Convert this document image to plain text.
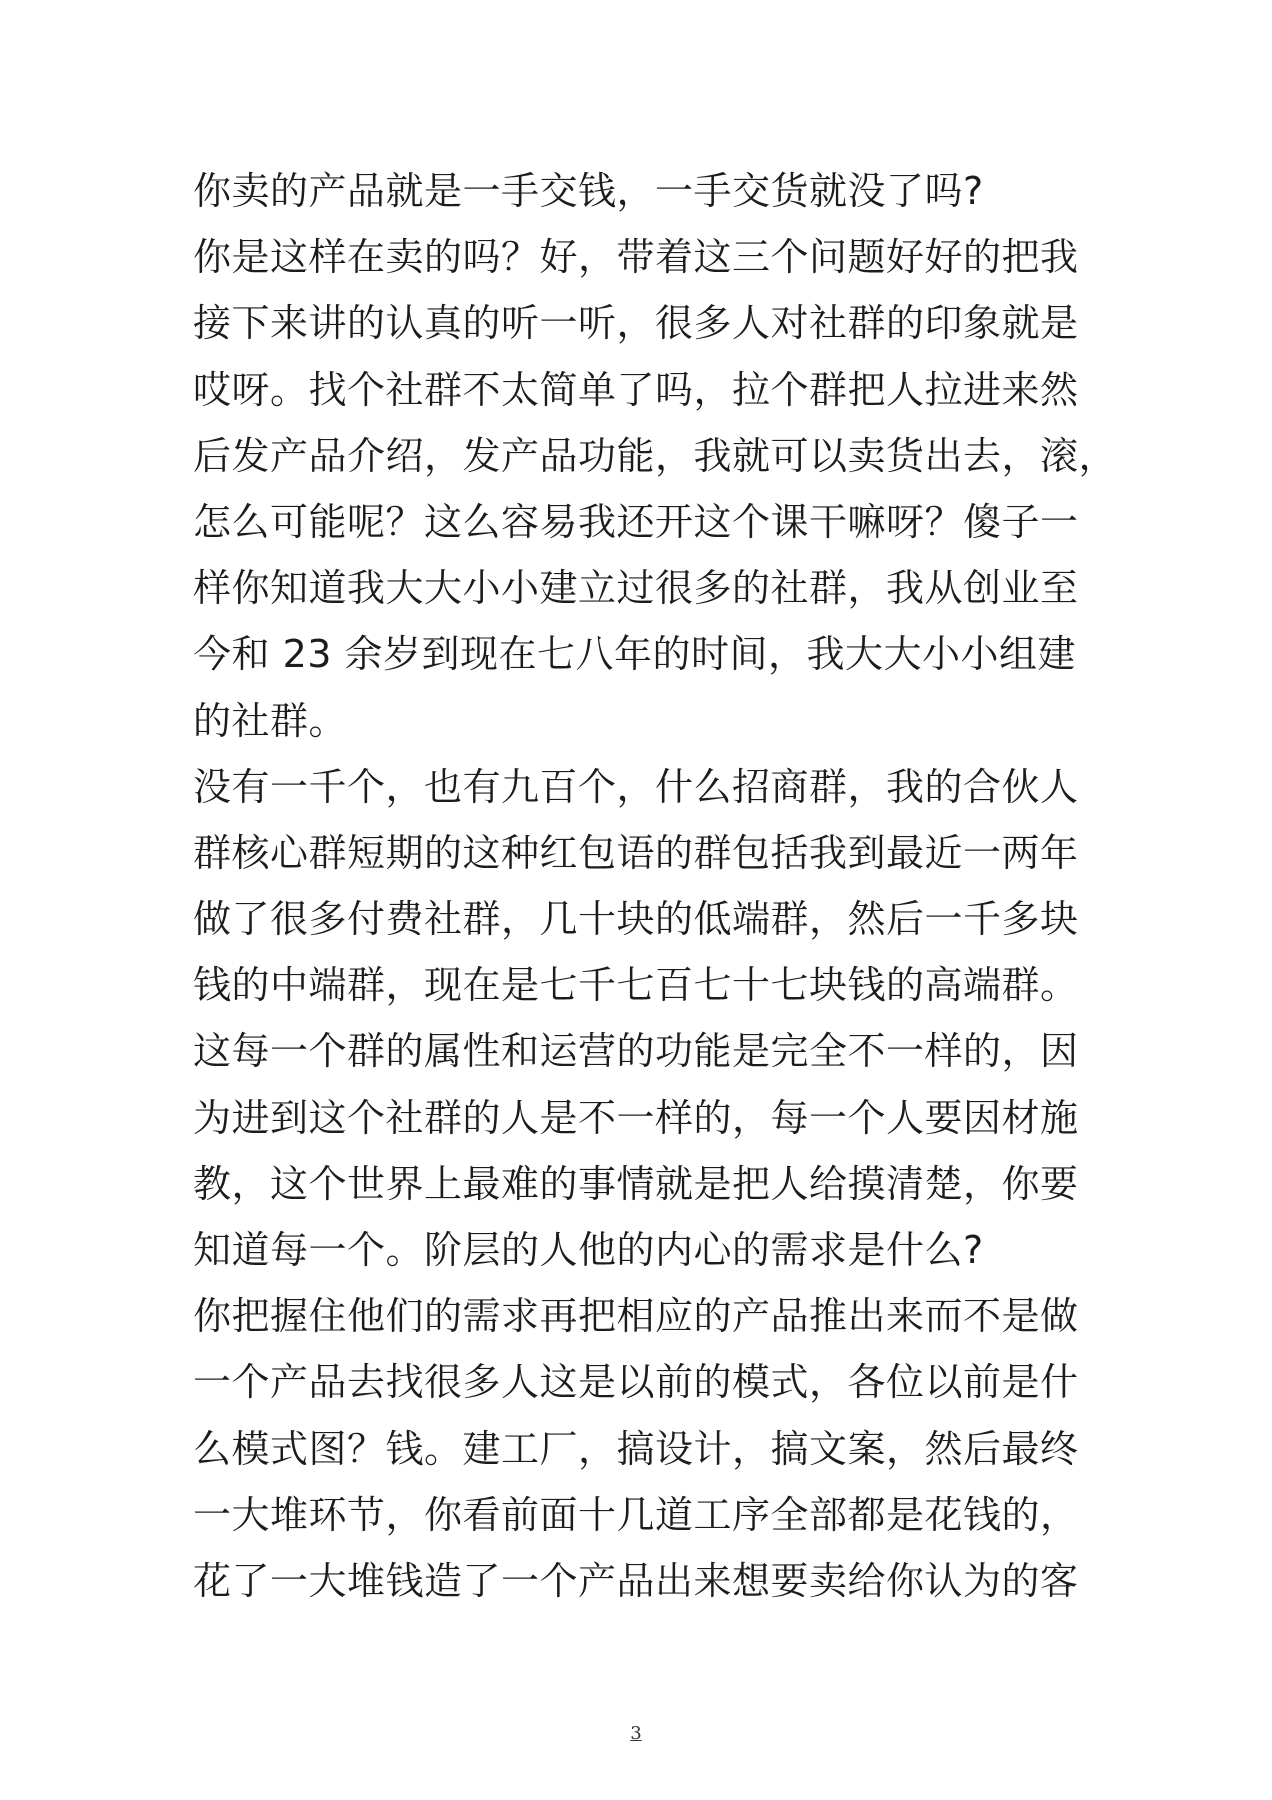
你卖的产品就是一手交钱，一手交货就没了吗?
你是这样在卖的吗？好，带着这三个问题好好的把我
接下来讲的认真的听一听，很多人对社群的印象就是
哎呀。找个社群不太简单了吗，拉个群把人拉进来然
后发产品介绍，发产品功能，我就可以卖货出去，滚，
怎么可能呢？这么容易我还开这个课干嘛呀？傻子一
样你知道我大大小小建立过很多的社群，我从创业至
今和 23 余岁到现在七八年的时间，我大大小小组建
的社群。
没有一千个，也有九百个，什么招商群，我的合伙人
群核心群短期的这种红包语的群包括我到最近一两年
做了很多付费社群，几十块的低端群，然后一千多块
钱的中端群，现在是七千七百七十七块钱的高端群。
这每一个群的属性和运营的功能是完全不一样的，因
为进到这个社群的人是不一样的，每一个人要因材施
教，这个世界上最难的事情就是把人给摸清楚，你要
知道每一个。阶层的人他的内心的需求是什么?
你把握住他们的需求再把相应的产品推出来而不是做
一个产品去找很多人这是以前的模式，各位以前是什
么模式图？钱。建工厂，搞设计，搞文案，然后最终
一大堆环节，你看前面十几道工序全部都是花钱的，
花了一大堆钱造了一个产品出来想要卖给你认为的客
3
